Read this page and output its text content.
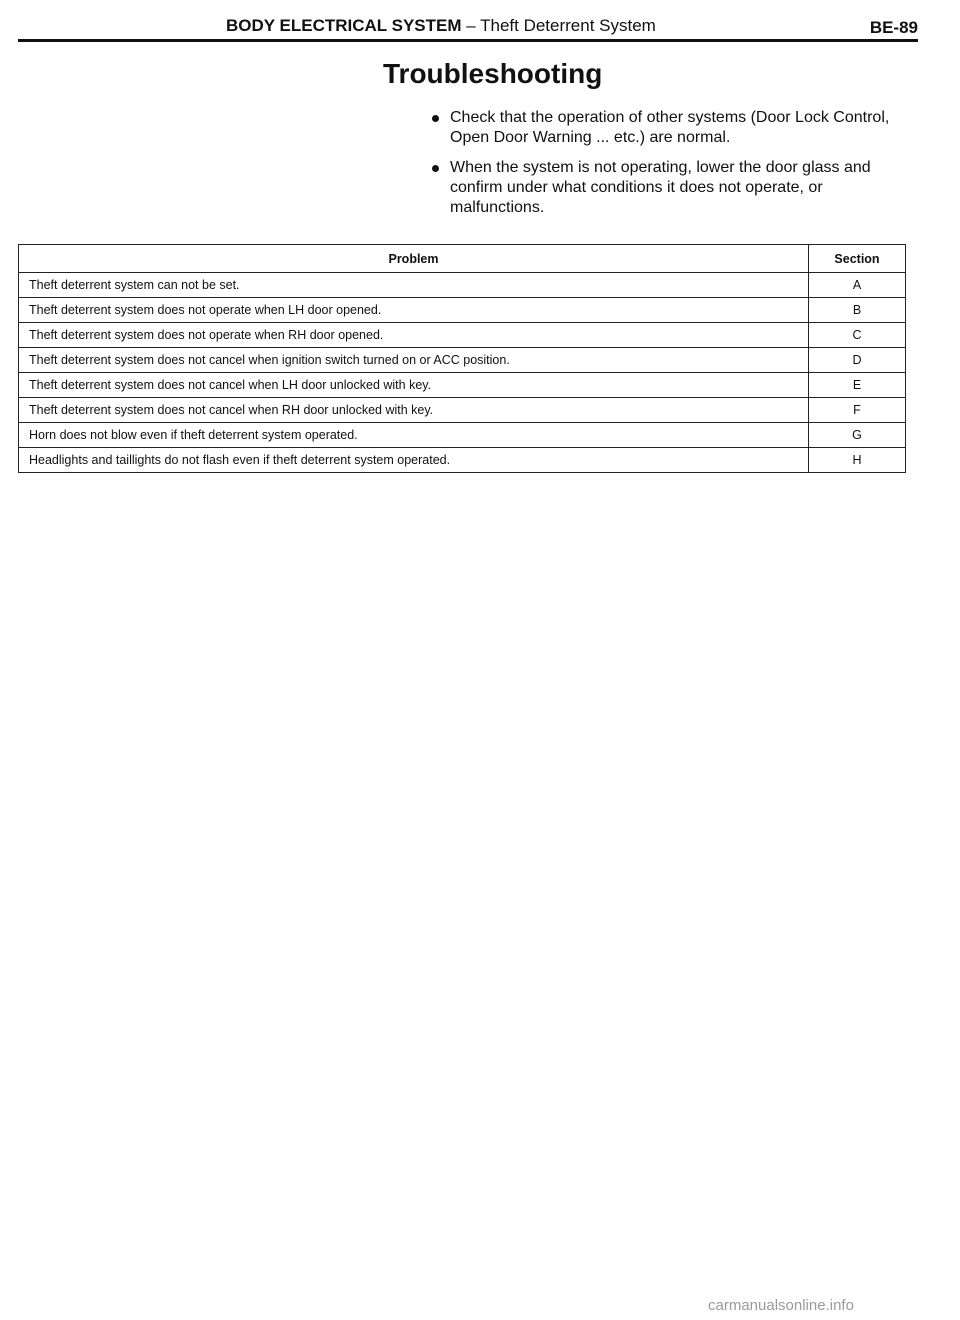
BODY ELECTRICAL SYSTEM – Theft Deterrent System	BE-89
Troubleshooting
Check that the operation of other systems (Door Lock Control, Open Door Warning ... etc.) are normal.
When the system is not operating, lower the door glass and confirm under what conditions it does not operate, or malfunctions.
Problem	Section
Theft deterrent system can not be set.	A
Theft deterrent system does not operate when LH door opened.	B
Theft deterrent system does not operate when RH door opened.	C
Theft deterrent system does not cancel when ignition switch turned on or ACC position.	D
Theft deterrent system does not cancel when LH door unlocked with key.	E
Theft deterrent system does not cancel when RH door unlocked with key.	F
Horn does not blow even if theft deterrent system operated.	G
Headlights and taillights do not flash even if theft deterrent system operated.	H
carmanualsonline.info
